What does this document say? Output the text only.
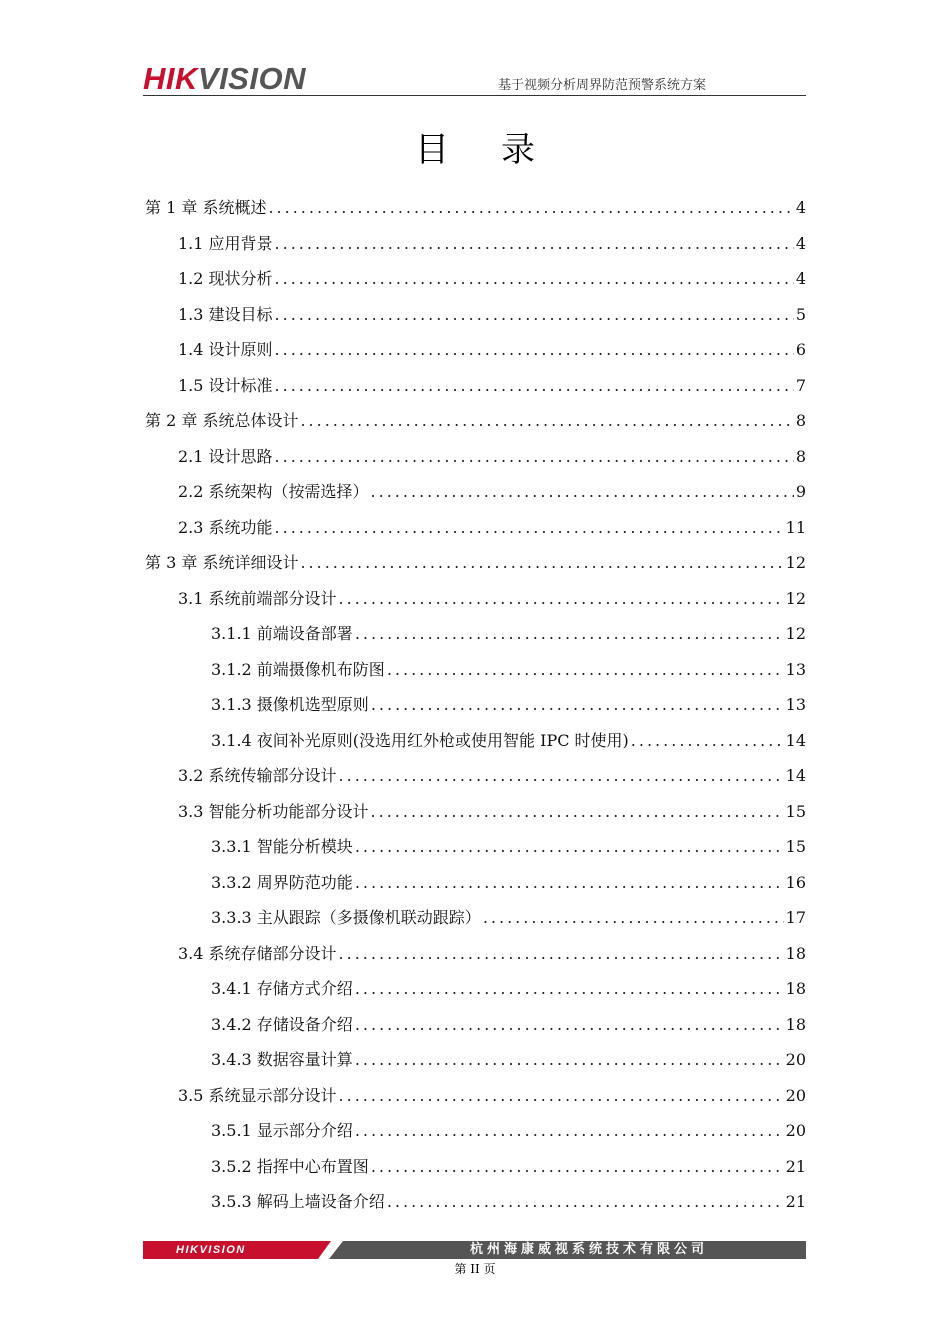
HIKVISION	基于视频分析周界防范预警系统方案
目录
第 1 章 系统概述 .....	4
1.1 应用背景 .....	4
1.2 现状分析 .....	4
1.3 建设目标 .....	5
1.4 设计原则 .....	6
1.5 设计标准 .....	7
第 2 章 系统总体设计 .....	8
2.1 设计思路 .....	8
2.2 系统架构（按需选择） .....	9
2.3 系统功能 .....	11
第 3 章 系统详细设计 .....	12
3.1 系统前端部分设计 .....	12
3.1.1 前端设备部署 .....	12
3.1.2 前端摄像机布防图 .....	13
3.1.3 摄像机选型原则 .....	13
3.1.4 夜间补光原则(没选用红外枪或使用智能 IPC 时使用) .....	14
3.2 系统传输部分设计 .....	14
3.3 智能分析功能部分设计 .....	15
3.3.1 智能分析模块 .....	15
3.3.2 周界防范功能 .....	16
3.3.3 主从跟踪（多摄像机联动跟踪） .....	17
3.4 系统存储部分设计 .....	18
3.4.1 存储方式介绍 .....	18
3.4.2 存储设备介绍 .....	18
3.4.3 数据容量计算 .....	20
3.5 系统显示部分设计 .....	20
3.5.1 显示部分介绍 .....	20
3.5.2 指挥中心布置图 .....	21
3.5.3 解码上墙设备介绍 .....	21
HIKVISION	杭州海康威视系统技术有限公司
第 II 页
